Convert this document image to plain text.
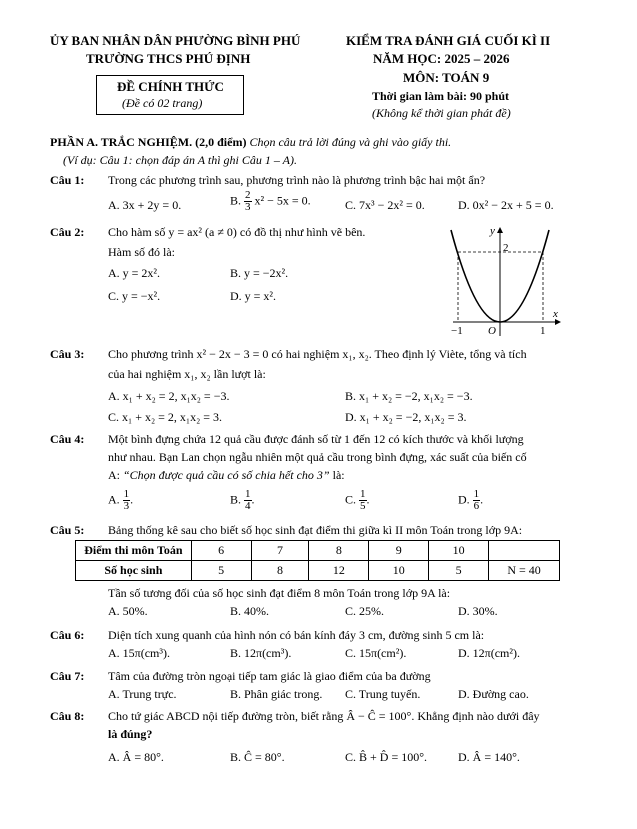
ỦY BAN NHÂN DÂN PHƯỜNG BÌNH PHÚ
TRƯỜNG THCS PHÚ ĐỊNH
ĐỀ CHÍNH THỨC
(Đề có 02 trang)
KIỂM TRA ĐÁNH GIÁ CUỐI KÌ II
NĂM HỌC: 2025 – 2026
MÔN: TOÁN 9
Thời gian làm bài: 90 phút
(Không kể thời gian phát đề)
PHẦN A. TRẮC NGHIỆM. (2,0 điểm) Chọn câu trả lời đúng và ghi vào giấy thi.
(Ví dụ: Câu 1: chọn đáp án A thì ghi Câu 1 – A).
Câu 1: Trong các phương trình sau, phương trình nào là phương trình bậc hai một ẩn?
A. 3x + 2y = 0.	B. $\frac{2}{3} x^2 - 5x = 0$.	C. 7x³ − 2x² = 0.	D. 0x² − 2x + 5 = 0.
Câu 2: Cho hàm số y = ax² (a ≠ 0) có đồ thị như hình vẽ bên.
Hàm số đó là:
A. y = 2x².	B. y = −2x².
C. y = −x².	D. y = x².
y
x
O
2
−1	1
Câu 3: Cho phương trình x² − 2x − 3 = 0 có hai nghiệm x₁, x₂. Theo định lý Viète, tổng và tích
của hai nghiệm x₁, x₂ lần lượt là:
A. x₁ + x₂ = 2, x₁x₂ = −3.	B. x₁ + x₂ = −2, x₁x₂ = −3.
C. x₁ + x₂ = 2, x₁x₂ = 3.	D. x₁ + x₂ = −2, x₁x₂ = 3.
Câu 4: Một bình đựng chứa 12 quả cầu được đánh số từ 1 đến 12 có kích thước và khối lượng
như nhau. Bạn Lan chọn ngẫu nhiên một quả cầu trong bình đựng, xác suất của biến cố
A: “Chọn được quả cầu có số chia hết cho 3” là:
A. $\frac{1}{3}$ .	B. $\frac{1}{4}$ .	C. $\frac{1}{5}$ .	D. $\frac{1}{6}$ .
Câu 5: Bảng thống kê sau cho biết số học sinh đạt điểm thi giữa kì II môn Toán trong lớp 9A:
Điểm thi môn Toán	6	7	8	9	10	
Số học sinh	5	8	12	10	5	N = 40
Tần số tương đối của số học sinh đạt điểm 8 môn Toán trong lớp 9A là:
A. 50%.	B. 40%.	C. 25%.	D. 30%.
Câu 6: Diện tích xung quanh của hình nón có bán kính đáy 3 cm, đường sinh 5 cm là:
A. 15π(cm³).	B. 12π(cm³).	C. 15π(cm²).	D. 12π(cm²).
Câu 7: Tâm của đường tròn ngoại tiếp tam giác là giao điểm của ba đường
A. Trung trực.	B. Phân giác trong. C. Trung tuyến.	D. Đường cao.
Câu 8: Cho tứ giác ABCD nội tiếp đường tròn, biết rằng Â − Ĉ = 100°. Khẳng định nào dưới đây
là đúng?
A. Â = 80°.	B. Ĉ = 80°.	C. B̂ + D̂ = 100°.	D. Â = 140°.
